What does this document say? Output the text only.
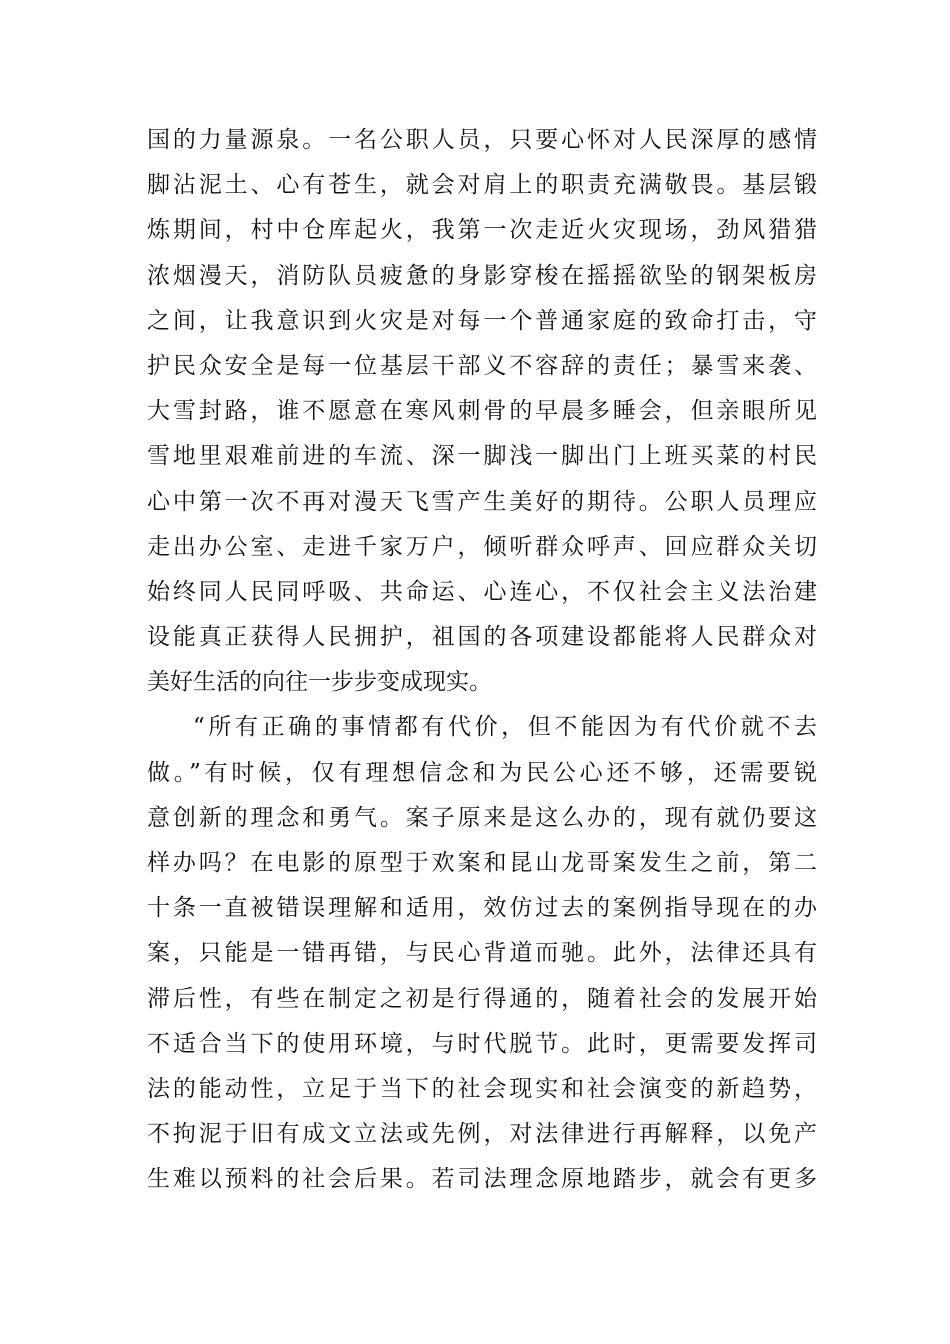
国的力量源泉。一名公职人员，只要心怀对人民深厚的感情
脚沾泥土、心有苍生，就会对肩上的职责充满敬畏。基层锻
炼期间，村中仓库起火，我第一次走近火灾现场，劲风猎猎
浓烟漫天，消防队员疲惫的身影穿梭在摇摇欲坠的钢架板房
之间，让我意识到火灾是对每一个普通家庭的致命打击，守
护民众安全是每一位基层干部义不容辞的责任；暴雪来袭、
大雪封路，谁不愿意在寒风刺骨的早晨多睡会，但亲眼所见
雪地里艰难前进的车流、深一脚浅一脚出门上班买菜的村民
心中第一次不再对漫天飞雪产生美好的期待。公职人员理应
走出办公室、走进千家万户，倾听群众呼声、回应群众关切
始终同人民同呼吸、共命运、心连心，不仅社会主义法治建
设能真正获得人民拥护，祖国的各项建设都能将人民群众对
美好生活的向往一步步变成现实。
“所有正确的事情都有代价，但不能因为有代价就不去
做。”有时候，仅有理想信念和为民公心还不够，还需要锐
意创新的理念和勇气。案子原来是这么办的，现有就仍要这
样办吗？在电影的原型于欢案和昆山龙哥案发生之前，第二
十条一直被错误理解和适用，效仿过去的案例指导现在的办
案，只能是一错再错，与民心背道而驰。此外，法律还具有
滞后性，有些在制定之初是行得通的，随着社会的发展开始
不适合当下的使用环境，与时代脱节。此时，更需要发挥司
法的能动性，立足于当下的社会现实和社会演变的新趋势，
不拘泥于旧有成文立法或先例，对法律进行再解释，以免产
生难以预料的社会后果。若司法理念原地踏步，就会有更多
